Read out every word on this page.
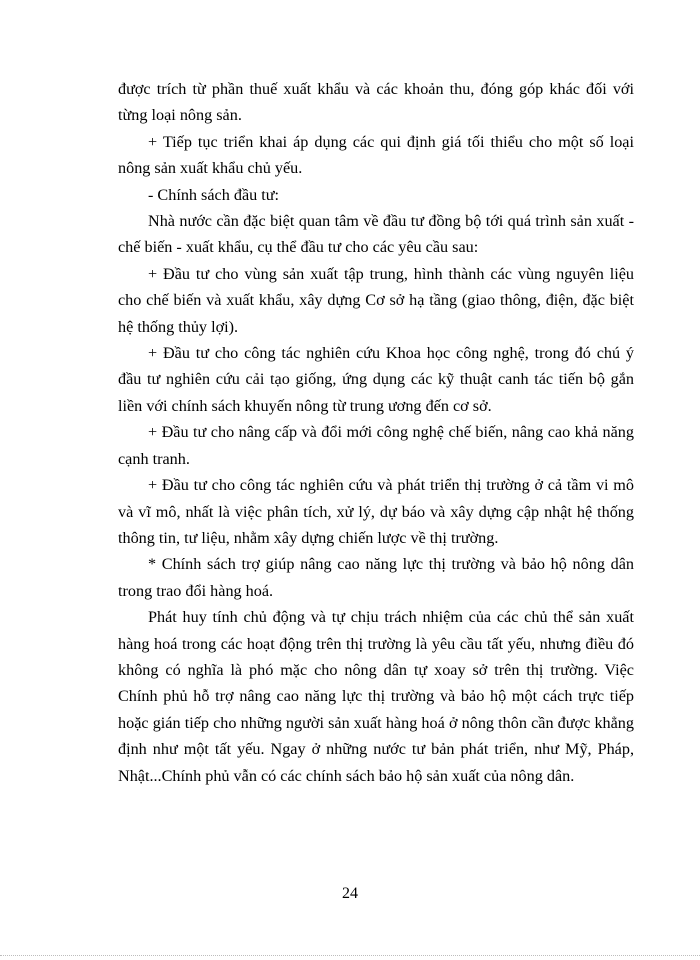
được trích từ phần thuế xuất khẩu và các khoản thu, đóng góp khác đối với từng loại nông sản.

+ Tiếp tục triển khai áp dụng các qui định giá tối thiểu cho một số loại nông sản xuất khẩu chủ yếu.

- Chính sách đầu tư:

Nhà nước cần đặc biệt quan tâm về đầu tư đồng bộ tới quá trình sản xuất - chế biến - xuất khẩu, cụ thể đầu tư cho các yêu cầu sau:

+ Đầu tư cho vùng sản xuất tập trung, hình thành các vùng nguyên liệu cho chế biến và xuất khẩu, xây dựng Cơ sở hạ tầng (giao thông, điện, đặc biệt hệ thống thủy lợi).

+ Đầu tư cho công tác nghiên cứu Khoa học công nghệ, trong đó chú ý đầu tư nghiên cứu cải tạo giống, ứng dụng các kỹ thuật canh tác tiến bộ gắn liền với chính sách khuyến nông từ trung ương đến cơ sở.

+ Đầu tư cho nâng cấp và đổi mới công nghệ chế biến, nâng cao khả năng cạnh tranh.

+ Đầu tư cho công tác nghiên cứu và phát triển thị trường ở cả tầm vi mô và vĩ mô, nhất là việc phân tích, xử lý, dự báo và xây dựng cập nhật hệ thống thông tin, tư liệu, nhằm xây dựng chiến lược về thị trường.

* Chính sách trợ giúp nâng cao năng lực thị trường và bảo hộ nông dân trong trao đổi hàng hoá.

Phát huy tính chủ động và tự chịu trách nhiệm của các chủ thể sản xuất hàng hoá trong các hoạt động trên thị trường là yêu cầu tất yếu, nhưng điều đó không có nghĩa là phó mặc cho nông dân tự xoay sở trên thị trường. Việc Chính phủ hỗ trợ nâng cao năng lực thị trường và bảo hộ một cách trực tiếp hoặc gián tiếp cho những người sản xuất hàng hoá ở nông thôn cần được khẳng định như một tất yếu. Ngay ở những nước tư bản phát triển, như Mỹ, Pháp, Nhật...Chính phủ vẫn có các chính sách bảo hộ sản xuất của nông dân.

24
